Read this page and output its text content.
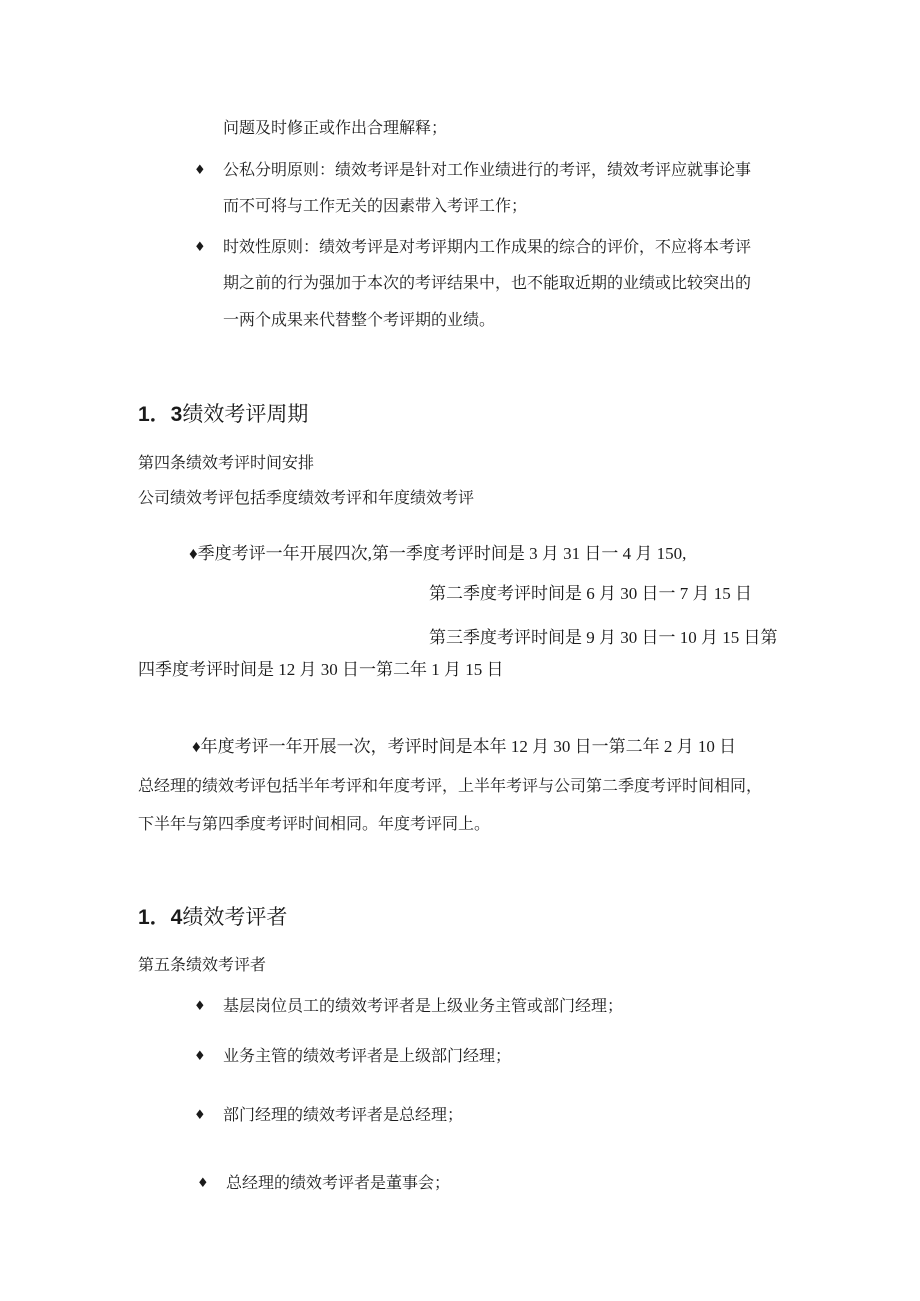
问题及时修正或作出合理解释；
♦ 公私分明原则：绩效考评是针对工作业绩进行的考评，绩效考评应就事论事
而不可将与工作无关的因素带入考评工作；
♦ 时效性原则：绩效考评是对考评期内工作成果的综合的评价，不应将本考评
期之前的行为强加于本次的考评结果中，也不能取近期的业绩或比较突出的
一两个成果来代替整个考评期的业绩。
1．3绩效考评周期
第四条绩效考评时间安排
公司绩效考评包括季度绩效考评和年度绩效考评
♦季度考评一年开展四次,第一季度考评时间是 3 月 31 日一 4 月 150,
第二季度考评时间是 6 月 30 日一 7 月 15 日
第三季度考评时间是 9 月 30 日一 10 月 15 日第
四季度考评时间是 12 月 30 日一第二年 1 月 15 日
♦年度考评一年开展一次，考评时间是本年 12 月 30 日一第二年 2 月 10 日
总经理的绩效考评包括半年考评和年度考评，上半年考评与公司第二季度考评时间相同，
下半年与第四季度考评时间相同。年度考评同上。
1．4绩效考评者
第五条绩效考评者
♦ 基层岗位员工的绩效考评者是上级业务主管或部门经理；
♦ 业务主管的绩效考评者是上级部门经理；
♦ 部门经理的绩效考评者是总经理；
♦ 总经理的绩效考评者是董事会；
